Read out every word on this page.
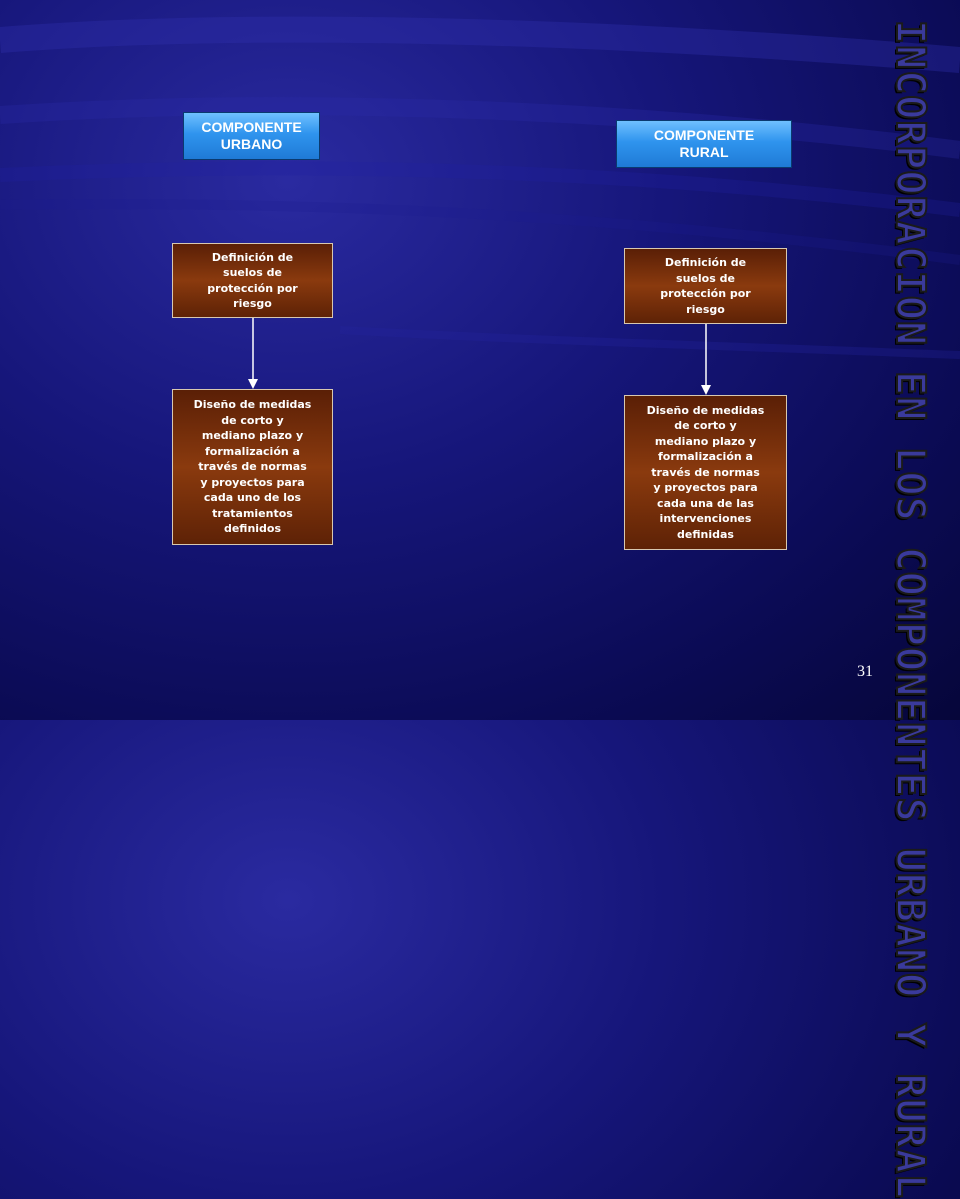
COMPONENTE
URBANO
COMPONENTE
RURAL
Definición de
suelos de
protección por
riesgo
Diseño de medidas
de corto y
mediano plazo y
formalización a
través de normas
y proyectos para
cada uno de los
tratamientos
definidos
Definición de
suelos de
protección por
riesgo
Diseño de medidas
de corto y
mediano plazo y
formalización a
través de normas
y proyectos para
cada una de las
intervenciones
definidas	INCORPORACION EN LOS COMPONENTES URBANO Y RURAL
31
